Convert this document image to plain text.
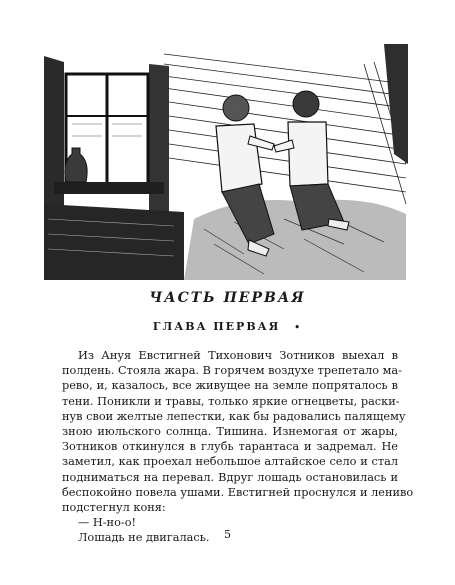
ЧАСТЬ ПЕРВАЯ
ГЛАВА ПЕРВАЯ •
Из Ануя Евстигней Тихонович Зотников выехал в
полдень. Стояла жара. В горячем воздухе трепетало ма-
рево, и, казалось, все живущее на земле попряталось в
тени. Поникли и травы, только яркие огнецветы, раски-
нув свои желтые лепестки, как бы радовались палящему
зною июльского солнца. Тишина. Изнемогая от жары,
Зотников откинулся в глубь тарантаса и задремал. Не
заметил, как проехал небольшое алтайское село и стал
подниматься на перевал. Вдруг лошадь остановилась и
беспокойно повела ушами. Евстигней проснулся и лениво
подстегнул коня:
— Н-но-о!
Лошадь не двигалась.	5
